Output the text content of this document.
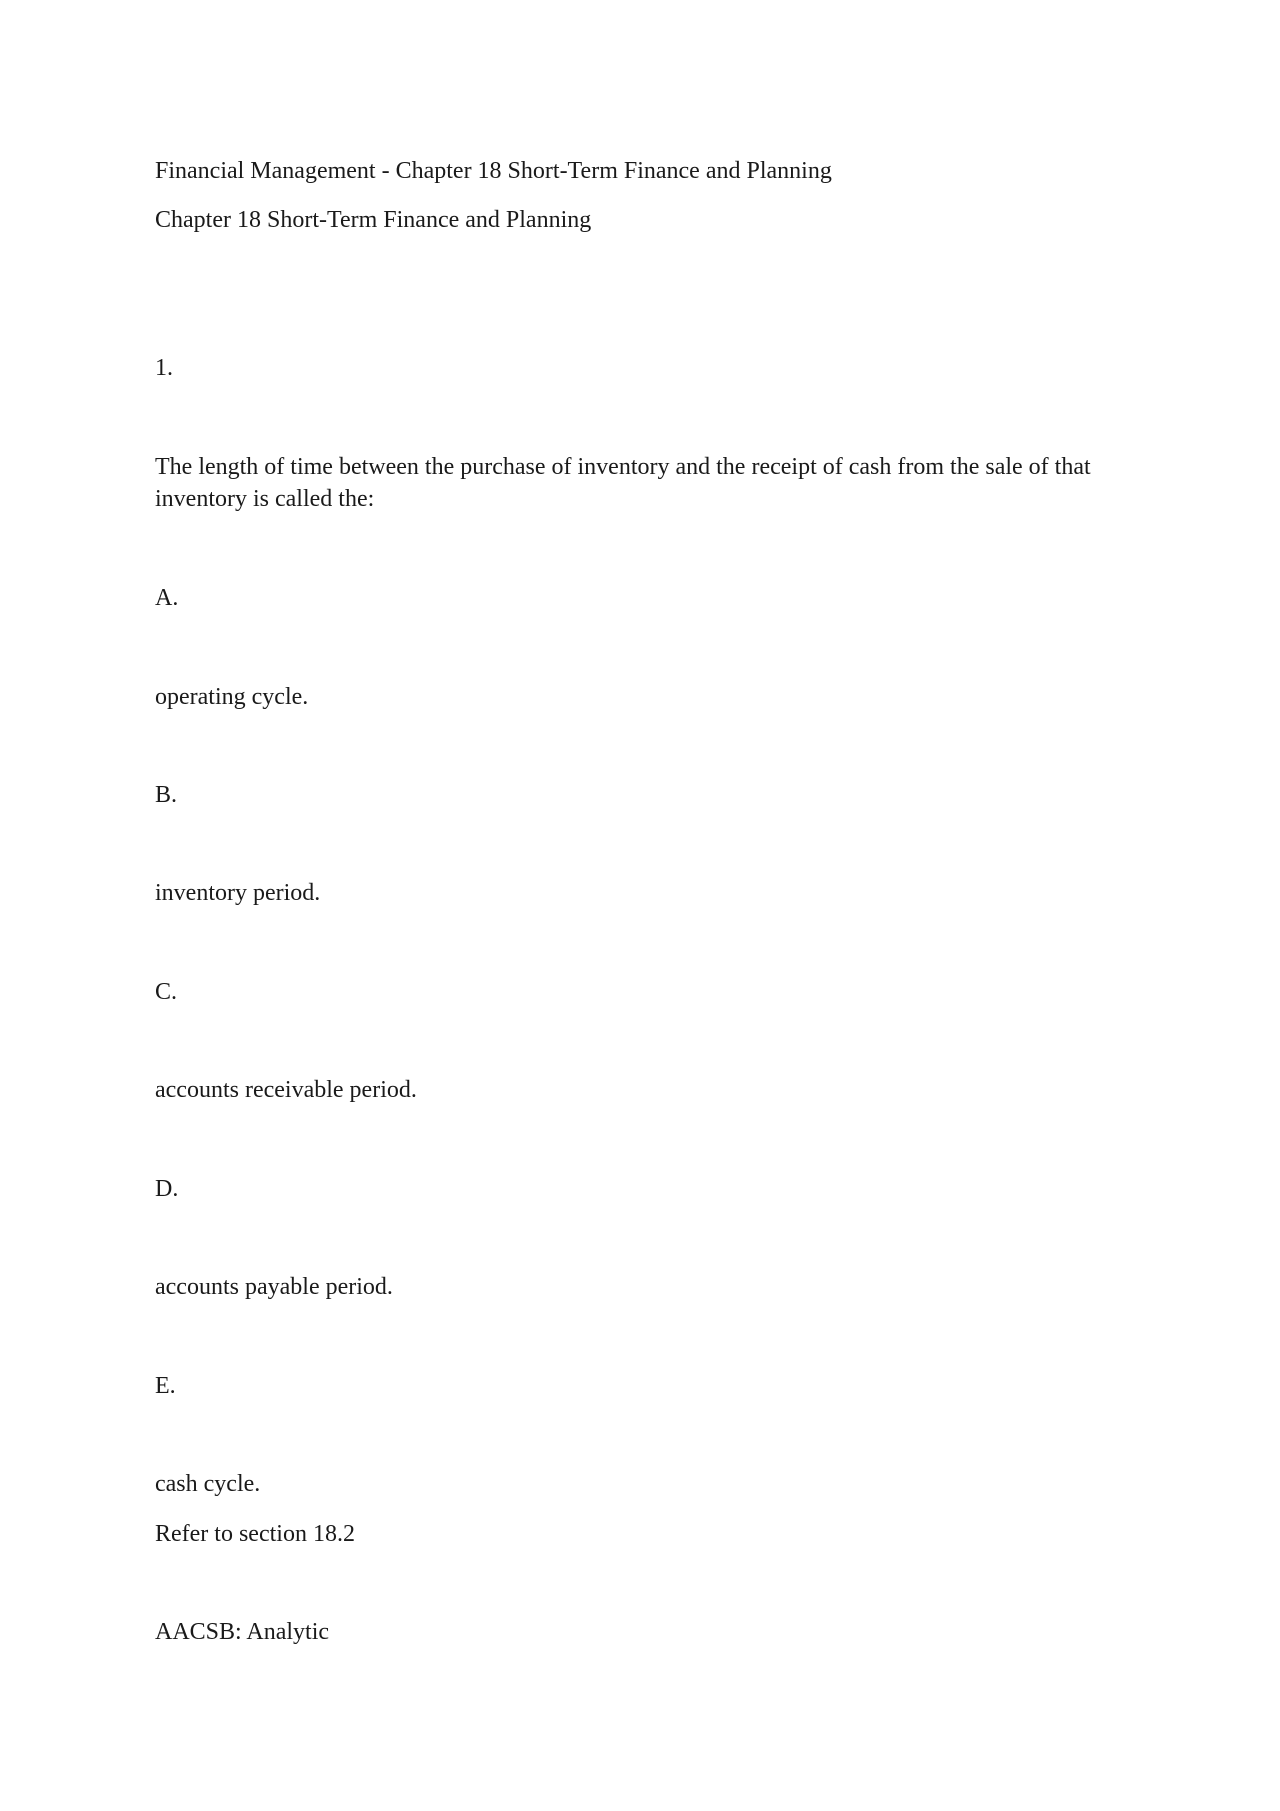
Financial Management - Chapter 18 Short-Term Finance and Planning

Chapter 18 Short-Term Finance and Planning

1.

The length of time between the purchase of inventory and the receipt of cash from the sale of that inventory is called the:

A.

operating cycle.

B.

inventory period.

C.

accounts receivable period.

D.

accounts payable period.

E.

cash cycle.

Refer to section 18.2

AACSB: Analytic
